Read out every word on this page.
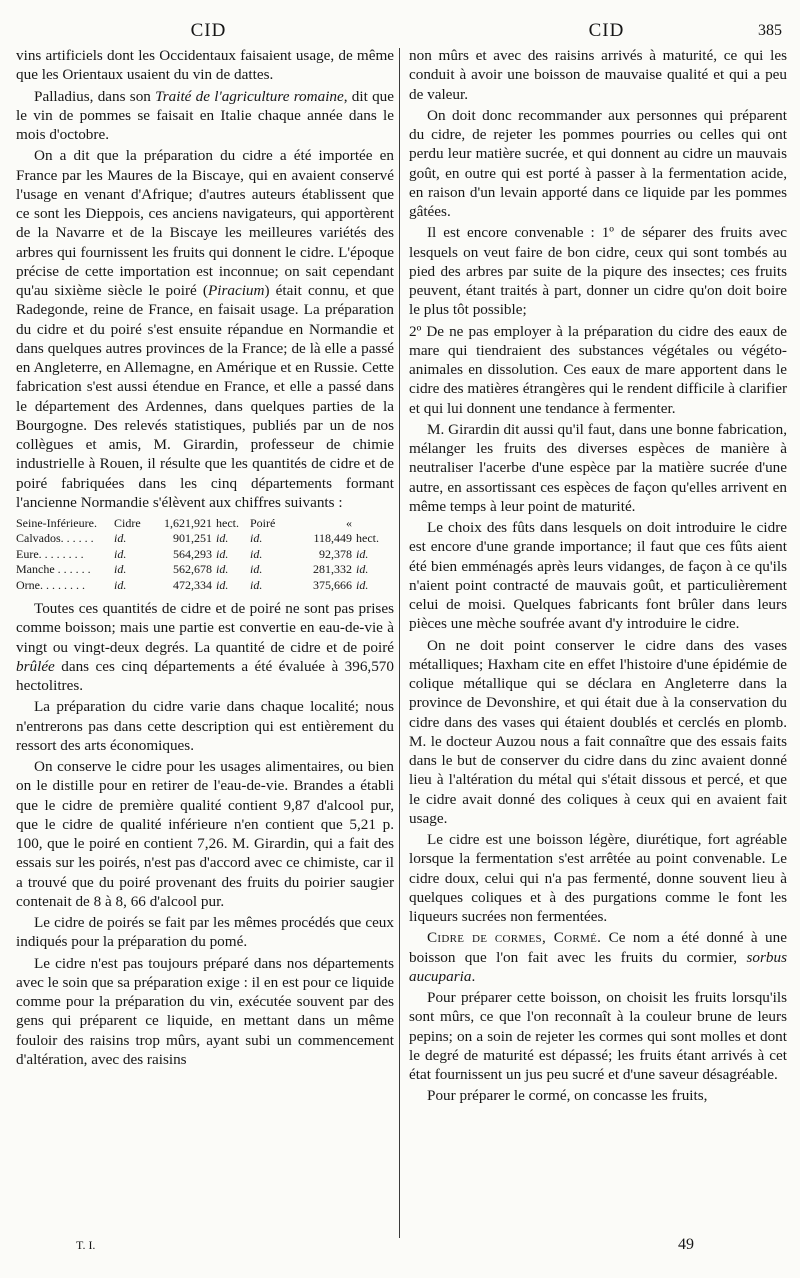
CID	CID	385

vins artificiels dont les Occidentaux faisaient usage, de même que les Orientaux usaient du vin de dattes.

Palladius, dans son Traité de l'agriculture romaine, dit que le vin de pommes se faisait en Italie chaque année dans le mois d'octobre.

On a dit que la préparation du cidre a été importée en France par les Maures de la Biscaye, qui en avaient conservé l'usage en venant d'Afrique; d'autres auteurs établissent que ce sont les Dieppois, ces anciens navigateurs, qui apportèrent de la Navarre et de la Biscaye les meilleures variétés des arbres qui fournissent les fruits qui donnent le cidre. L'époque précise de cette importation est inconnue; on sait cependant qu'au sixième siècle le poiré (Piracium) était connu, et que Radegonde, reine de France, en faisait usage. La préparation du cidre et du poiré s'est ensuite répandue en Normandie et dans quelques autres provinces de la France; de là elle a passé en Angleterre, en Allemagne, en Amérique et en Russie. Cette fabrication s'est aussi étendue en France, et elle a passé dans le département des Ardennes, dans quelques parties de la Bourgogne. Des relevés statistiques, publiés par un de nos collègues et amis, M. Girardin, professeur de chimie industrielle à Rouen, il résulte que les quantités de cidre et de poiré fabriquées dans les cinq départements formant l'ancienne Normandie s'élèvent aux chiffres suivants :

Seine-Inférieure.	Cidre	1,621,921	hect.	Poiré	«	
Calvados. . . . . .	id.	901,251	id.	id.	118,449	hect.
Eure. . . . . . . .	id.	564,293	id.	id.	92,378	id.
Manche . . . . . .	id.	562,678	id.	id.	281,332	id.
Orne. . . . . . . .	id.	472,334	id.	id.	375,666	id.

Toutes ces quantités de cidre et de poiré ne sont pas prises comme boisson; mais une partie est convertie en eau-de-vie à vingt ou vingt-deux degrés. La quantité de cidre et de poiré brûlée dans ces cinq départements a été évaluée à 396,570 hectolitres.

La préparation du cidre varie dans chaque localité; nous n'entrerons pas dans cette description qui est entièrement du ressort des arts économiques.

On conserve le cidre pour les usages alimentaires, ou bien on le distille pour en retirer de l'eau-de-vie. Brandes a établi que le cidre de première qualité contient 9,87 d'alcool pur, que le cidre de qualité inférieure n'en contient que 5,21 p. 100, que le poiré en contient 7,26. M. Girardin, qui a fait des essais sur les poirés, n'est pas d'accord avec ce chimiste, car il a trouvé que du poiré provenant des fruits du poirier saugier contenait de 8 à 8, 66 d'alcool pur.

Le cidre de poirés se fait par les mêmes procédés que ceux indiqués pour la préparation du pomé.

Le cidre n'est pas toujours préparé dans nos départements avec le soin que sa préparation exige : il en est pour ce liquide comme pour la préparation du vin, exécutée souvent par des gens qui préparent ce liquide, en mettant dans un même fouloir des raisins trop mûrs, ayant subi un commencement d'altération, avec des raisins

non mûrs et avec des raisins arrivés à maturité, ce qui les conduit à avoir une boisson de mauvaise qualité et qui a peu de valeur.

On doit donc recommander aux personnes qui préparent du cidre, de rejeter les pommes pourries ou celles qui ont perdu leur matière sucrée, et qui donnent au cidre un mauvais goût, en outre qui est porté à passer à la fermentation acide, en raison d'un levain apporté dans ce liquide par les pommes gâtées.

Il est encore convenable : 1º de séparer des fruits avec lesquels on veut faire de bon cidre, ceux qui sont tombés au pied des arbres par suite de la piqure des insectes; ces fruits peuvent, étant traités à part, donner un cidre qu'on doit boire le plus tôt possible;

2º De ne pas employer à la préparation du cidre des eaux de mare qui tiendraient des substances végétales ou végéto-animales en dissolution. Ces eaux de mare apportent dans le cidre des matières étrangères qui le rendent difficile à clarifier et qui lui donnent une tendance à fermenter.

M. Girardin dit aussi qu'il faut, dans une bonne fabrication, mélanger les fruits des diverses espèces de manière à neutraliser l'acerbe d'une espèce par la matière sucrée d'une autre, en assortissant ces espèces de façon qu'elles arrivent en même temps à leur point de maturité.

Le choix des fûts dans lesquels on doit introduire le cidre est encore d'une grande importance; il faut que ces fûts aient été bien emménagés après leurs vidanges, de façon à ce qu'ils n'aient point contracté de mauvais goût, et particulièrement celui de moisi. Quelques fabricants font brûler dans leurs pièces une mèche soufrée avant d'y introduire le cidre.

On ne doit point conserver le cidre dans des vases métalliques; Haxham cite en effet l'histoire d'une épidémie de colique métallique qui se déclara en Angleterre dans la province de Devonshire, et qui était due à la conservation du cidre dans des vases qui étaient doublés et cerclés en plomb. M. le docteur Auzou nous a fait connaître que des essais faits dans le but de conserver du cidre dans du zinc avaient donné lieu à l'altération du métal qui s'était dissous et percé, et que le cidre avait donné des coliques à ceux qui en avaient fait usage.

Le cidre est une boisson légère, diurétique, fort agréable lorsque la fermentation s'est arrêtée au point convenable. Le cidre doux, celui qui n'a pas fermenté, donne souvent lieu à quelques coliques et à des purgations comme le font les liqueurs sucrées non fermentées.

Cidre de cormes, Cormé. Ce nom a été donné à une boisson que l'on fait avec les fruits du cormier, sorbus aucuparia.

Pour préparer cette boisson, on choisit les fruits lorsqu'ils sont mûrs, ce que l'on reconnaît à la couleur brune de leurs pepins; on a soin de rejeter les cormes qui sont molles et dont le degré de maturité est dépassé; les fruits étant arrivés à cet état fournissent un jus peu sucré et d'une saveur désagréable.

Pour préparer le cormé, on concasse les fruits,

T. I.	49
